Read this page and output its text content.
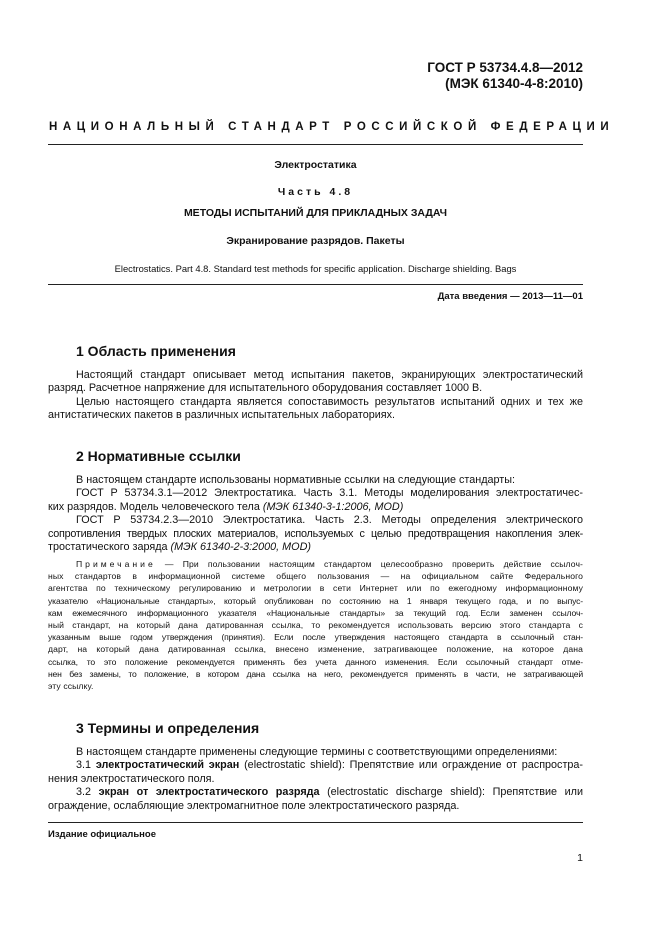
ГОСТ Р 53734.4.8—2012
(МЭК 61340-4-8:2010)
НАЦИОНАЛЬНЫЙ СТАНДАРТ РОССИЙСКОЙ ФЕДЕРАЦИИ
Электростатика
Часть 4.8
МЕТОДЫ ИСПЫТАНИЙ ДЛЯ ПРИКЛАДНЫХ ЗАДАЧ
Экранирование разрядов. Пакеты
Electrostatics. Part 4.8. Standard test methods for specific application. Discharge shielding. Bags
Дата введения — 2013—11—01
1 Область применения
Настоящий стандарт описывает метод испытания пакетов, экранирующих электростатический
разряд. Расчетное напряжение для испытательного оборудования составляет 1000 В.
Целью настоящего стандарта является сопоставимость результатов испытаний одних и тех же
антистатических пакетов в различных испытательных лабораториях.
2 Нормативные ссылки
В настоящем стандарте использованы нормативные ссылки на следующие стандарты:
ГОСТ Р 53734.3.1—2012 Электростатика. Часть 3.1. Методы моделирования электростатичес-
ких разрядов. Модель человеческого тела (МЭК 61340-3-1:2006, MOD)
ГОСТ Р 53734.2.3—2010 Электростатика. Часть 2.3. Методы определения электрического
сопротивления твердых плоских материалов, используемых с целью предотвращения накопления элек-
тростатического заряда (МЭК 61340-2-3:2000, MOD)
Примечание — При пользовании настоящим стандартом целесообразно проверить действие ссылоч-
ных стандартов в информационной системе общего пользования — на официальном сайте Федерального
агентства по техническому регулированию и метрологии в сети Интернет или по ежегодному информационному
указателю «Национальные стандарты», который опубликован по состоянию на 1 января текущего года, и по выпус-
кам ежемесячного информационного указателя «Национальные стандарты» за текущий год. Если заменен ссылоч-
ный стандарт, на который дана датированная ссылка, то рекомендуется использовать версию этого стандарта с
указанным выше годом утверждения (принятия). Если после утверждения настоящего стандарта в ссылочный стан-
дарт, на который дана датированная ссылка, внесено изменение, затрагивающее положение, на которое дана
ссылка, то это положение рекомендуется применять без учета данного изменения. Если ссылочный стандарт отме-
нен без замены, то положение, в котором дана ссылка на него, рекомендуется применять в части, не затрагивающей
эту ссылку.
3 Термины и определения
В настоящем стандарте применены следующие термины с соответствующими определениями:
3.1 электростатический экран (electrostatic shield): Препятствие или ограждение от распростра-
нения электростатического поля.
3.2 экран от электростатического разряда (electrostatic discharge shield): Препятствие или
ограждение, ослабляющие электромагнитное поле электростатического разряда.
Издание официальное
1
